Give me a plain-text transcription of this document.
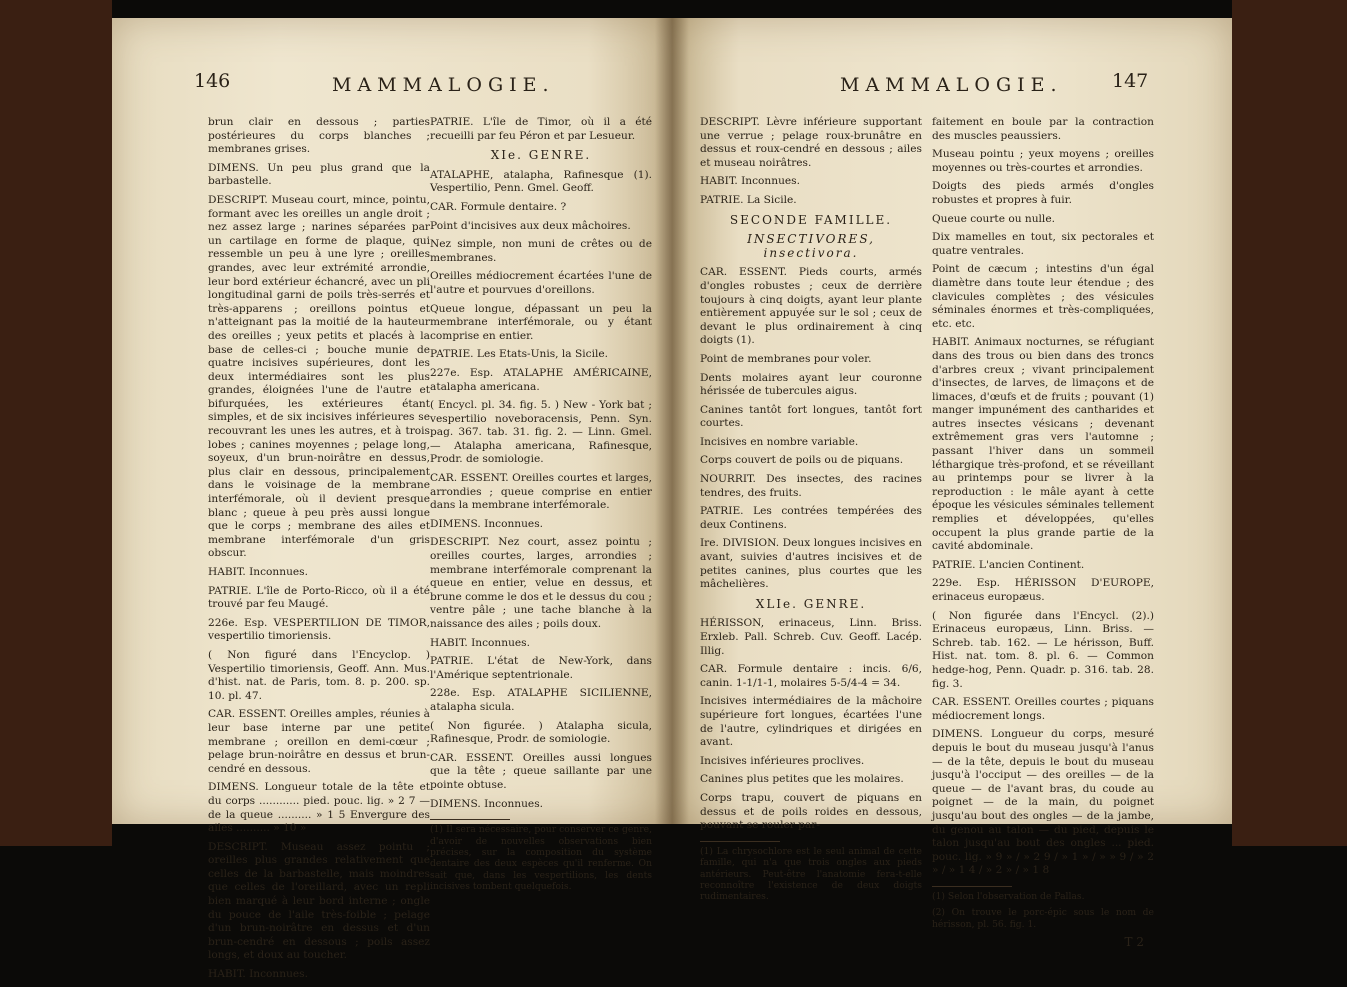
146	MAMMALOGIE.

brun clair en dessous ; parties postérieures du corps blanches ; membranes grises.

DIMENS. Un peu plus grand que la barbastelle.

DESCRIPT. Museau court, mince, pointu, formant avec les oreilles un angle droit ; nez assez large ; narines séparées par un cartilage en forme de plaque, qui ressemble un peu à une lyre ; oreilles grandes, avec leur extrémité arrondie, leur bord extérieur échancré, avec un pli longitudinal garni de poils très-serrés et très-apparens ; oreillons pointus et n'atteignant pas la moitié de la hauteur des oreilles ; yeux petits et placés à la base de celles-ci ; bouche munie de quatre incisives supérieures, dont les deux intermédiaires sont les plus grandes, éloignées l'une de l'autre et bifurquées, les extérieures étant simples, et de six incisives inférieures se recouvrant les unes les autres, et à trois lobes ; canines moyennes ; pelage long, soyeux, d'un brun-noirâtre en dessus, plus clair en dessous, principalement dans le voisinage de la membrane interfémorale, où il devient presque blanc ; queue à peu près aussi longue que le corps ; membrane des ailes et membrane interfémorale d'un gris obscur.

HABIT. Inconnues.

PATRIE. L'île de Porto-Ricco, où il a été trouvé par feu Maugé.

226e. Esp. VESPERTILION DE TIMOR, vespertilio timoriensis.

( Non figuré dans l'Encyclop. ) Vespertilio timoriensis, Geoff. Ann. Mus. d'hist. nat. de Paris, tom. 8. p. 200. sp. 10. pl. 47.

CAR. ESSENT. Oreilles amples, réunies à leur base interne par une petite membrane ; oreillon en demi-cœur ; pelage brun-noirâtre en dessus et brun-cendré en dessous.

DIMENS. Longueur totale de la tête et du corps ............ pied. pouc. lig. » 2 7 — de la queue .......... » 1 5 Envergure des ailes .......... » 10 »

DESCRIPT. Museau assez pointu ; oreilles plus grandes relativement que celles de la barbastelle, mais moindres que celles de l'oreillard, avec un repli bien marqué à leur bord interne ; ongle du pouce de l'aile très-foible ; pelage d'un brun-noirâtre en dessus et d'un brun-cendré en dessous ; poils assez longs, et doux au toucher.

HABIT. Inconnues.

PATRIE. L'île de Timor, où il a été recueilli par feu Péron et par Lesueur.

XIe. GENRE.

ATALAPHE, atalapha, Rafinesque (1). Vespertilio, Penn. Gmel. Geoff.

CAR. Formule dentaire. ?

Point d'incisives aux deux mâchoires.

Nez simple, non muni de crêtes ou de membranes.

Oreilles médiocrement écartées l'une de l'autre et pourvues d'oreillons.

Queue longue, dépassant un peu la membrane interfémorale, ou y étant comprise en entier.

PATRIE. Les Etats-Unis, la Sicile.

227e. Esp. ATALAPHE AMÉRICAINE, atalapha americana.

( Encycl. pl. 34. fig. 5. ) New - York bat ; vespertilio noveboracensis, Penn. Syn. pag. 367. tab. 31. fig. 2. — Linn. Gmel. — Atalapha americana, Rafinesque, Prodr. de somiologie.

CAR. ESSENT. Oreilles courtes et larges, arrondies ; queue comprise en entier dans la membrane interfémorale.

DIMENS. Inconnues.

DESCRIPT. Nez court, assez pointu ; oreilles courtes, larges, arrondies ; membrane interfémorale comprenant la queue en entier, velue en dessus, et brune comme le dos et le dessus du cou ; ventre pâle ; une tache blanche à la naissance des ailes ; poils doux.

HABIT. Inconnues.

PATRIE. L'état de New-York, dans l'Amérique septentrionale.

228e. Esp. ATALAPHE SICILIENNE, atalapha sicula.

( Non figurée. ) Atalapha sicula, Rafinesque, Prodr. de somiologie.

CAR. ESSENT. Oreilles aussi longues que la tête ; queue saillante par une pointe obtuse.

DIMENS. Inconnues.

(1) Il sera nécessaire, pour conserver ce genre, d'avoir de nouvelles observations bien précises, sur la composition du système dentaire des deux espèces qu'il renferme. On sait que, dans les vespertilions, les dents incisives tombent quelquefois.

MAMMALOGIE.	147

DESCRIPT. Lèvre inférieure supportant une verrue ; pelage roux-brunâtre en dessus et roux-cendré en dessous ; ailes et museau noirâtres.

HABIT. Inconnues.

PATRIE. La Sicile.

SECONDE FAMILLE.

INSECTIVORES, insectivora.

CAR. ESSENT. Pieds courts, armés d'ongles robustes ; ceux de derrière toujours à cinq doigts, ayant leur plante entièrement appuyée sur le sol ; ceux de devant le plus ordinairement à cinq doigts (1).

Point de membranes pour voler.

Dents molaires ayant leur couronne hérissée de tubercules aigus.

Canines tantôt fort longues, tantôt fort courtes.

Incisives en nombre variable.

Corps couvert de poils ou de piquans.

NOURRIT. Des insectes, des racines tendres, des fruits.

PATRIE. Les contrées tempérées des deux Continens.

Ire. DIVISION. Deux longues incisives en avant, suivies d'autres incisives et de petites canines, plus courtes que les mâchelières.

XLIe. GENRE.

HÉRISSON, erinaceus, Linn. Briss. Erxleb. Pall. Schreb. Cuv. Geoff. Lacép. Illig.

CAR. Formule dentaire : incis. 6/6, canin. 1-1/1-1, molaires 5-5/4-4 = 34.

Incisives intermédiaires de la mâchoire supérieure fort longues, écartées l'une de l'autre, cylindriques et dirigées en avant.

Incisives inférieures proclives.

Canines plus petites que les molaires.

Corps trapu, couvert de piquans en dessus et de poils roides en dessous, pouvant se rouler par-

(1) La chrysochlore est le seul animal de cette famille, qui n'a que trois ongles aux pieds antérieurs. Peut-être l'anatomie fera-t-elle reconnoître l'existence de deux doigts rudimentaires.

faitement en boule par la contraction des muscles peaussiers.

Museau pointu ; yeux moyens ; oreilles moyennes ou très-courtes et arrondies.

Doigts des pieds armés d'ongles robustes et propres à fuir.

Queue courte ou nulle.

Dix mamelles en tout, six pectorales et quatre ventrales.

Point de cæcum ; intestins d'un égal diamètre dans toute leur étendue ; des clavicules complètes ; des vésicules séminales énormes et très-compliquées, etc. etc.

HABIT. Animaux nocturnes, se réfugiant dans des trous ou bien dans des troncs d'arbres creux ; vivant principalement d'insectes, de larves, de limaçons et de limaces, d'œufs et de fruits ; pouvant (1) manger impunément des cantharides et autres insectes vésicans ; devenant extrêmement gras vers l'automne ; passant l'hiver dans un sommeil léthargique très-profond, et se réveillant au printemps pour se livrer à la reproduction : le mâle ayant à cette époque les vésicules séminales tellement remplies et développées, qu'elles occupent la plus grande partie de la cavité abdominale.

PATRIE. L'ancien Continent.

229e. Esp. HÉRISSON D'EUROPE, erinaceus europæus.

( Non figurée dans l'Encycl. (2).) Erinaceus europæus, Linn. Briss. — Schreb. tab. 162. — Le hérisson, Buff. Hist. nat. tom. 8. pl. 6. — Common hedge-hog, Penn. Quadr. p. 316. tab. 28. fig. 3.

CAR. ESSENT. Oreilles courtes ; piquans médiocrement longs.

DIMENS. Longueur du corps, mesuré depuis le bout du museau jusqu'à l'anus — de la tête, depuis le bout du museau jusqu'à l'occiput — des oreilles — de la queue — de l'avant bras, du coude au poignet — de la main, du poignet jusqu'au bout des ongles — de la jambe, du genou au talon — du pied, depuis le talon jusqu'au bout des ongles ... pied. pouc. lig. » 9 » / » 2 9 / » 1 » / » » 9 / » 2 » / » 1 4 / » 2 » / » 1 8

(1) Selon l'observation de Pallas.

(2) On trouve le porc-épic sous le nom de hérisson, pl. 56. fig. 1.

T 2
